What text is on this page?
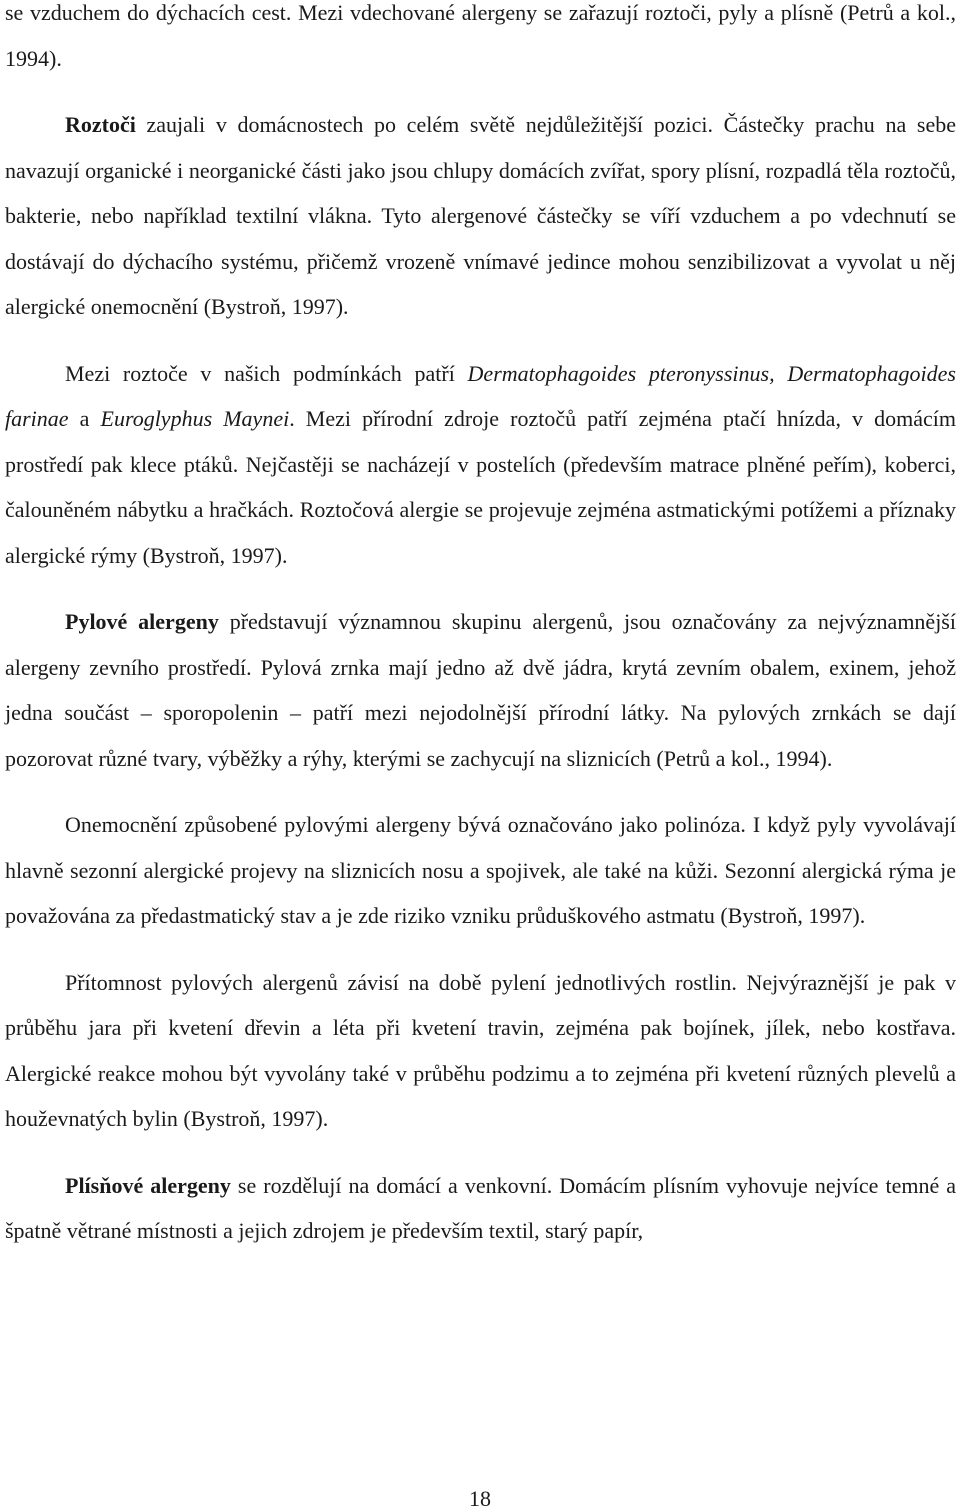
se vzduchem do dýchacích cest. Mezi vdechované alergeny se zařazují roztoči, pyly a plísně (Petrů a kol., 1994).

Roztoči zaujali v domácnostech po celém světě nejdůležitější pozici. Částečky prachu na sebe navazují organické i neorganické části jako jsou chlupy domácích zvířat, spory plísní, rozpadlá těla roztočů, bakterie, nebo například textilní vlákna. Tyto alergenové částečky se víří vzduchem a po vdechnutí se dostávají do dýchacího systému, přičemž vrozeně vnímavé jedince mohou senzibilizovat a vyvolat u něj alergické onemocnění (Bystroň, 1997).

Mezi roztoče v našich podmínkách patří Dermatophagoides pteronyssinus, Dermatophagoides farinae a Euroglyphus Maynei. Mezi přírodní zdroje roztočů patří zejména ptačí hnízda, v domácím prostředí pak klece ptáků. Nejčastěji se nacházejí v postelích (především matrace plněné peřím), koberci, čalouněném nábytku a hračkách. Roztočová alergie se projevuje zejména astmatickými potížemi a příznaky alergické rýmy (Bystroň, 1997).

Pylové alergeny představují významnou skupinu alergenů, jsou označovány za nejvýznamnější alergeny zevního prostředí. Pylová zrnka mají jedno až dvě jádra, krytá zevním obalem, exinem, jehož jedna součást – sporopolenin – patří mezi nejodolnější přírodní látky. Na pylových zrnkách se dají pozorovat různé tvary, výběžky a rýhy, kterými se zachycují na sliznicích (Petrů a kol., 1994).

Onemocnění způsobené pylovými alergeny bývá označováno jako polinóza. I když pyly vyvolávají hlavně sezonní alergické projevy na sliznicích nosu a spojivek, ale také na kůži. Sezonní alergická rýma je považována za předastmatický stav a je zde riziko vzniku průduškového astmatu (Bystroň, 1997).

Přítomnost pylových alergenů závisí na době pylení jednotlivých rostlin. Nejvýraznější je pak v průběhu jara při kvetení dřevin a léta při kvetení travin, zejména pak bojínek, jílek, nebo kostřava. Alergické reakce mohou být vyvolány také v průběhu podzimu a to zejména při kvetení různých plevelů a houževnatých bylin (Bystroň, 1997).

Plísňové alergeny se rozdělují na domácí a venkovní. Domácím plísním vyhovuje nejvíce temné a špatně větrané místnosti a jejich zdrojem je především textil, starý papír,

18
